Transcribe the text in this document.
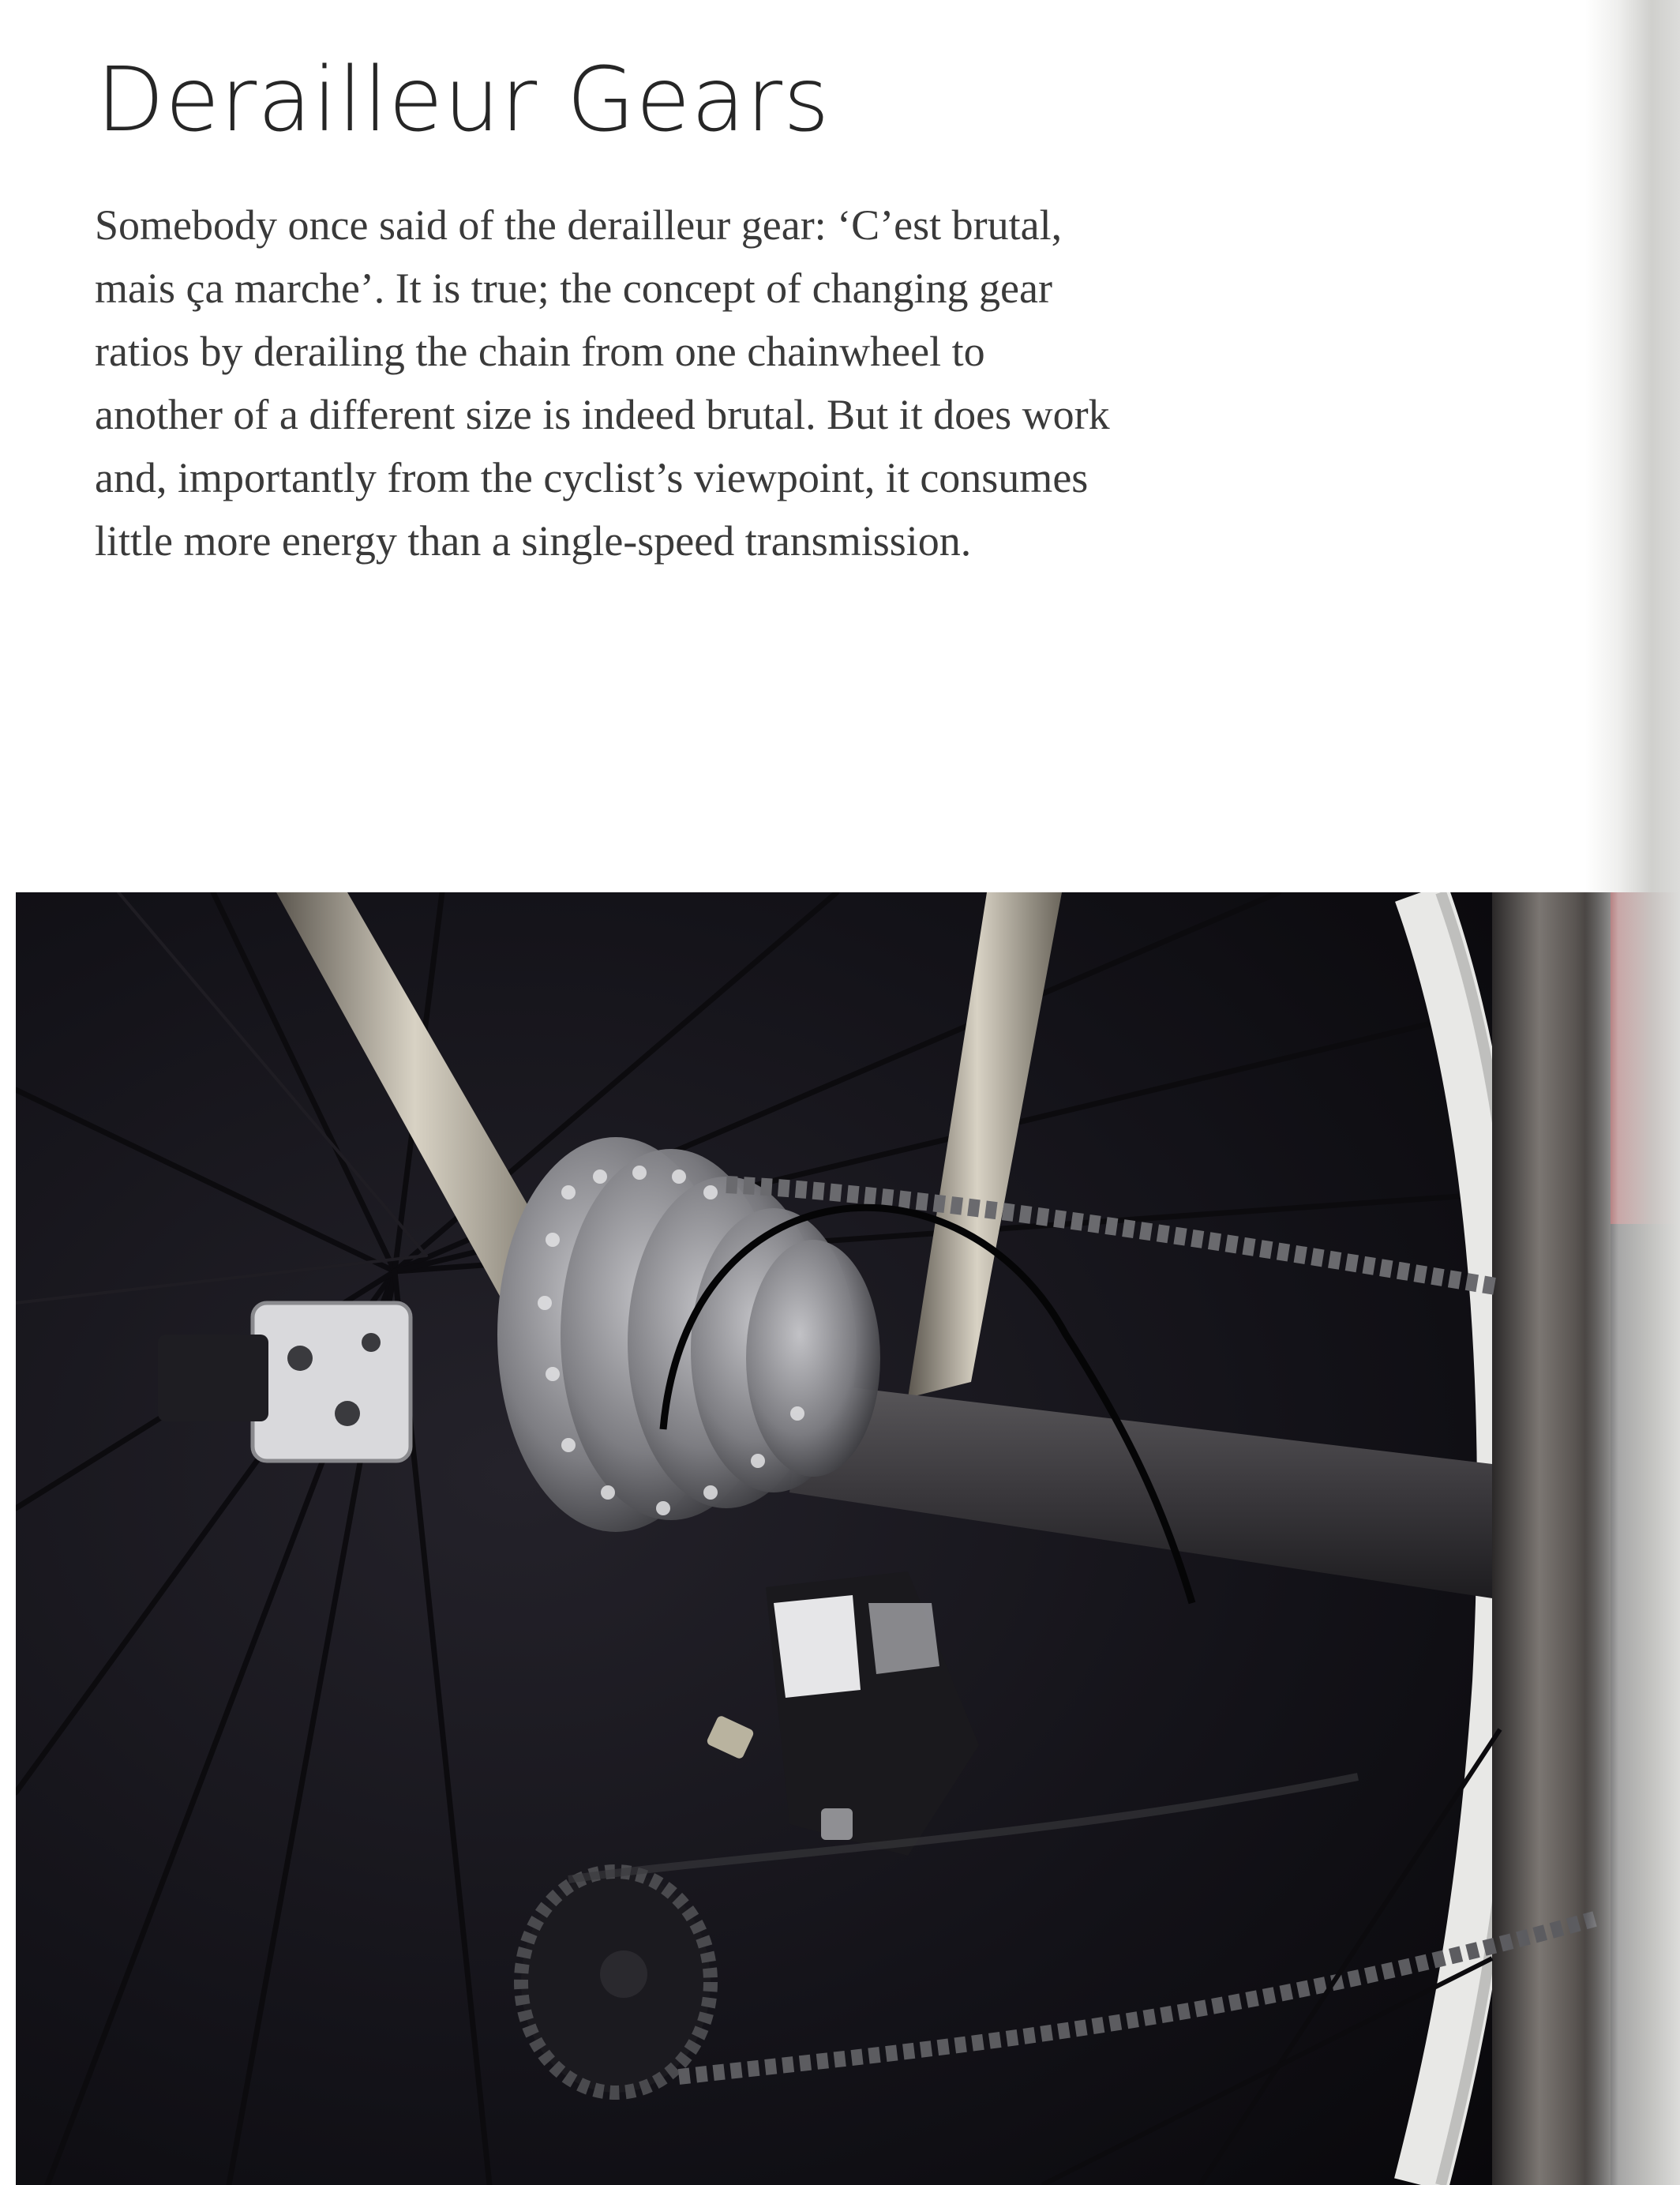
Derailleur Gears
Somebody once said of the derailleur gear: ‘C’est brutal,
mais ça marche’. It is true; the concept of changing gear
ratios by derailing the chain from one chainwheel to
another of a different size is indeed brutal. But it does work
and, importantly from the cyclist’s viewpoint, it consumes
little more energy than a single-speed transmission.
